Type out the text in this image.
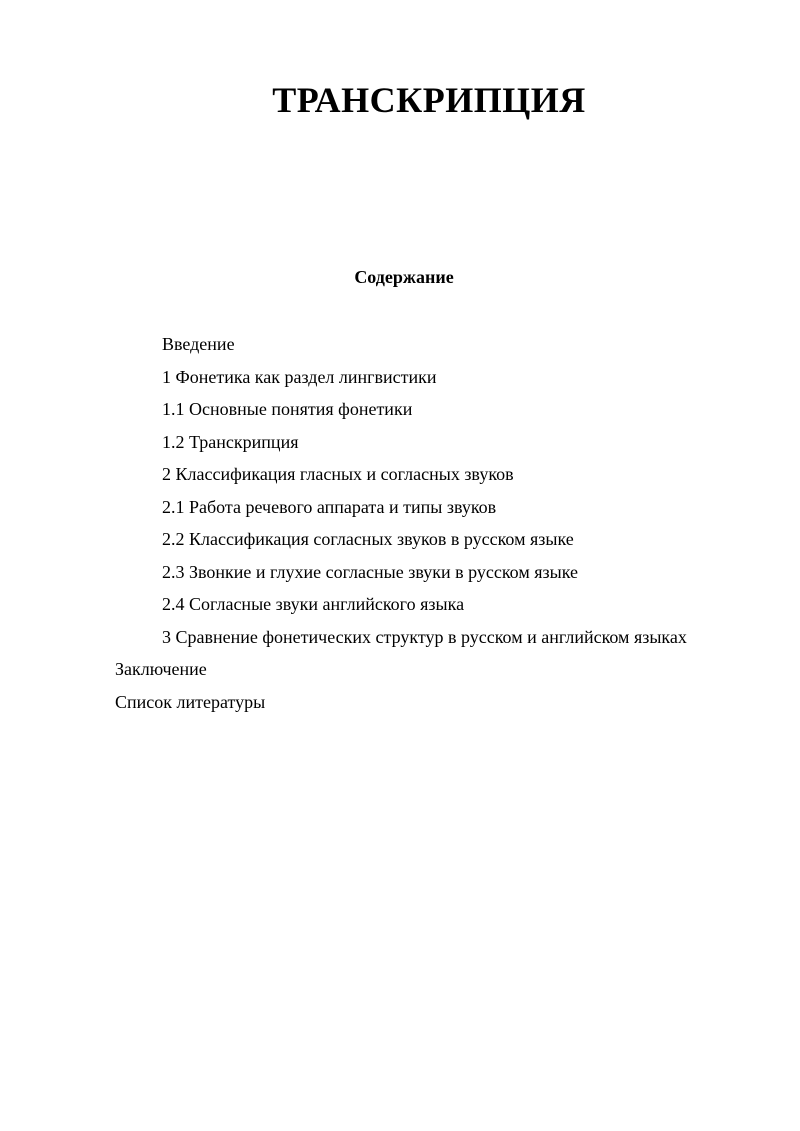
ТРАНСКРИПЦИЯ
Содержание
Введение
1 Фонетика как раздел лингвистики
1.1 Основные понятия фонетики
1.2 Транскрипция
2 Классификация гласных и согласных звуков
2.1 Работа речевого аппарата и типы звуков
2.2 Классификация согласных звуков в русском языке
2.3 Звонкие и глухие согласные звуки в русском языке
2.4 Согласные звуки английского языка
3 Сравнение фонетических структур в русском и английском языках
Заключение
Список литературы
